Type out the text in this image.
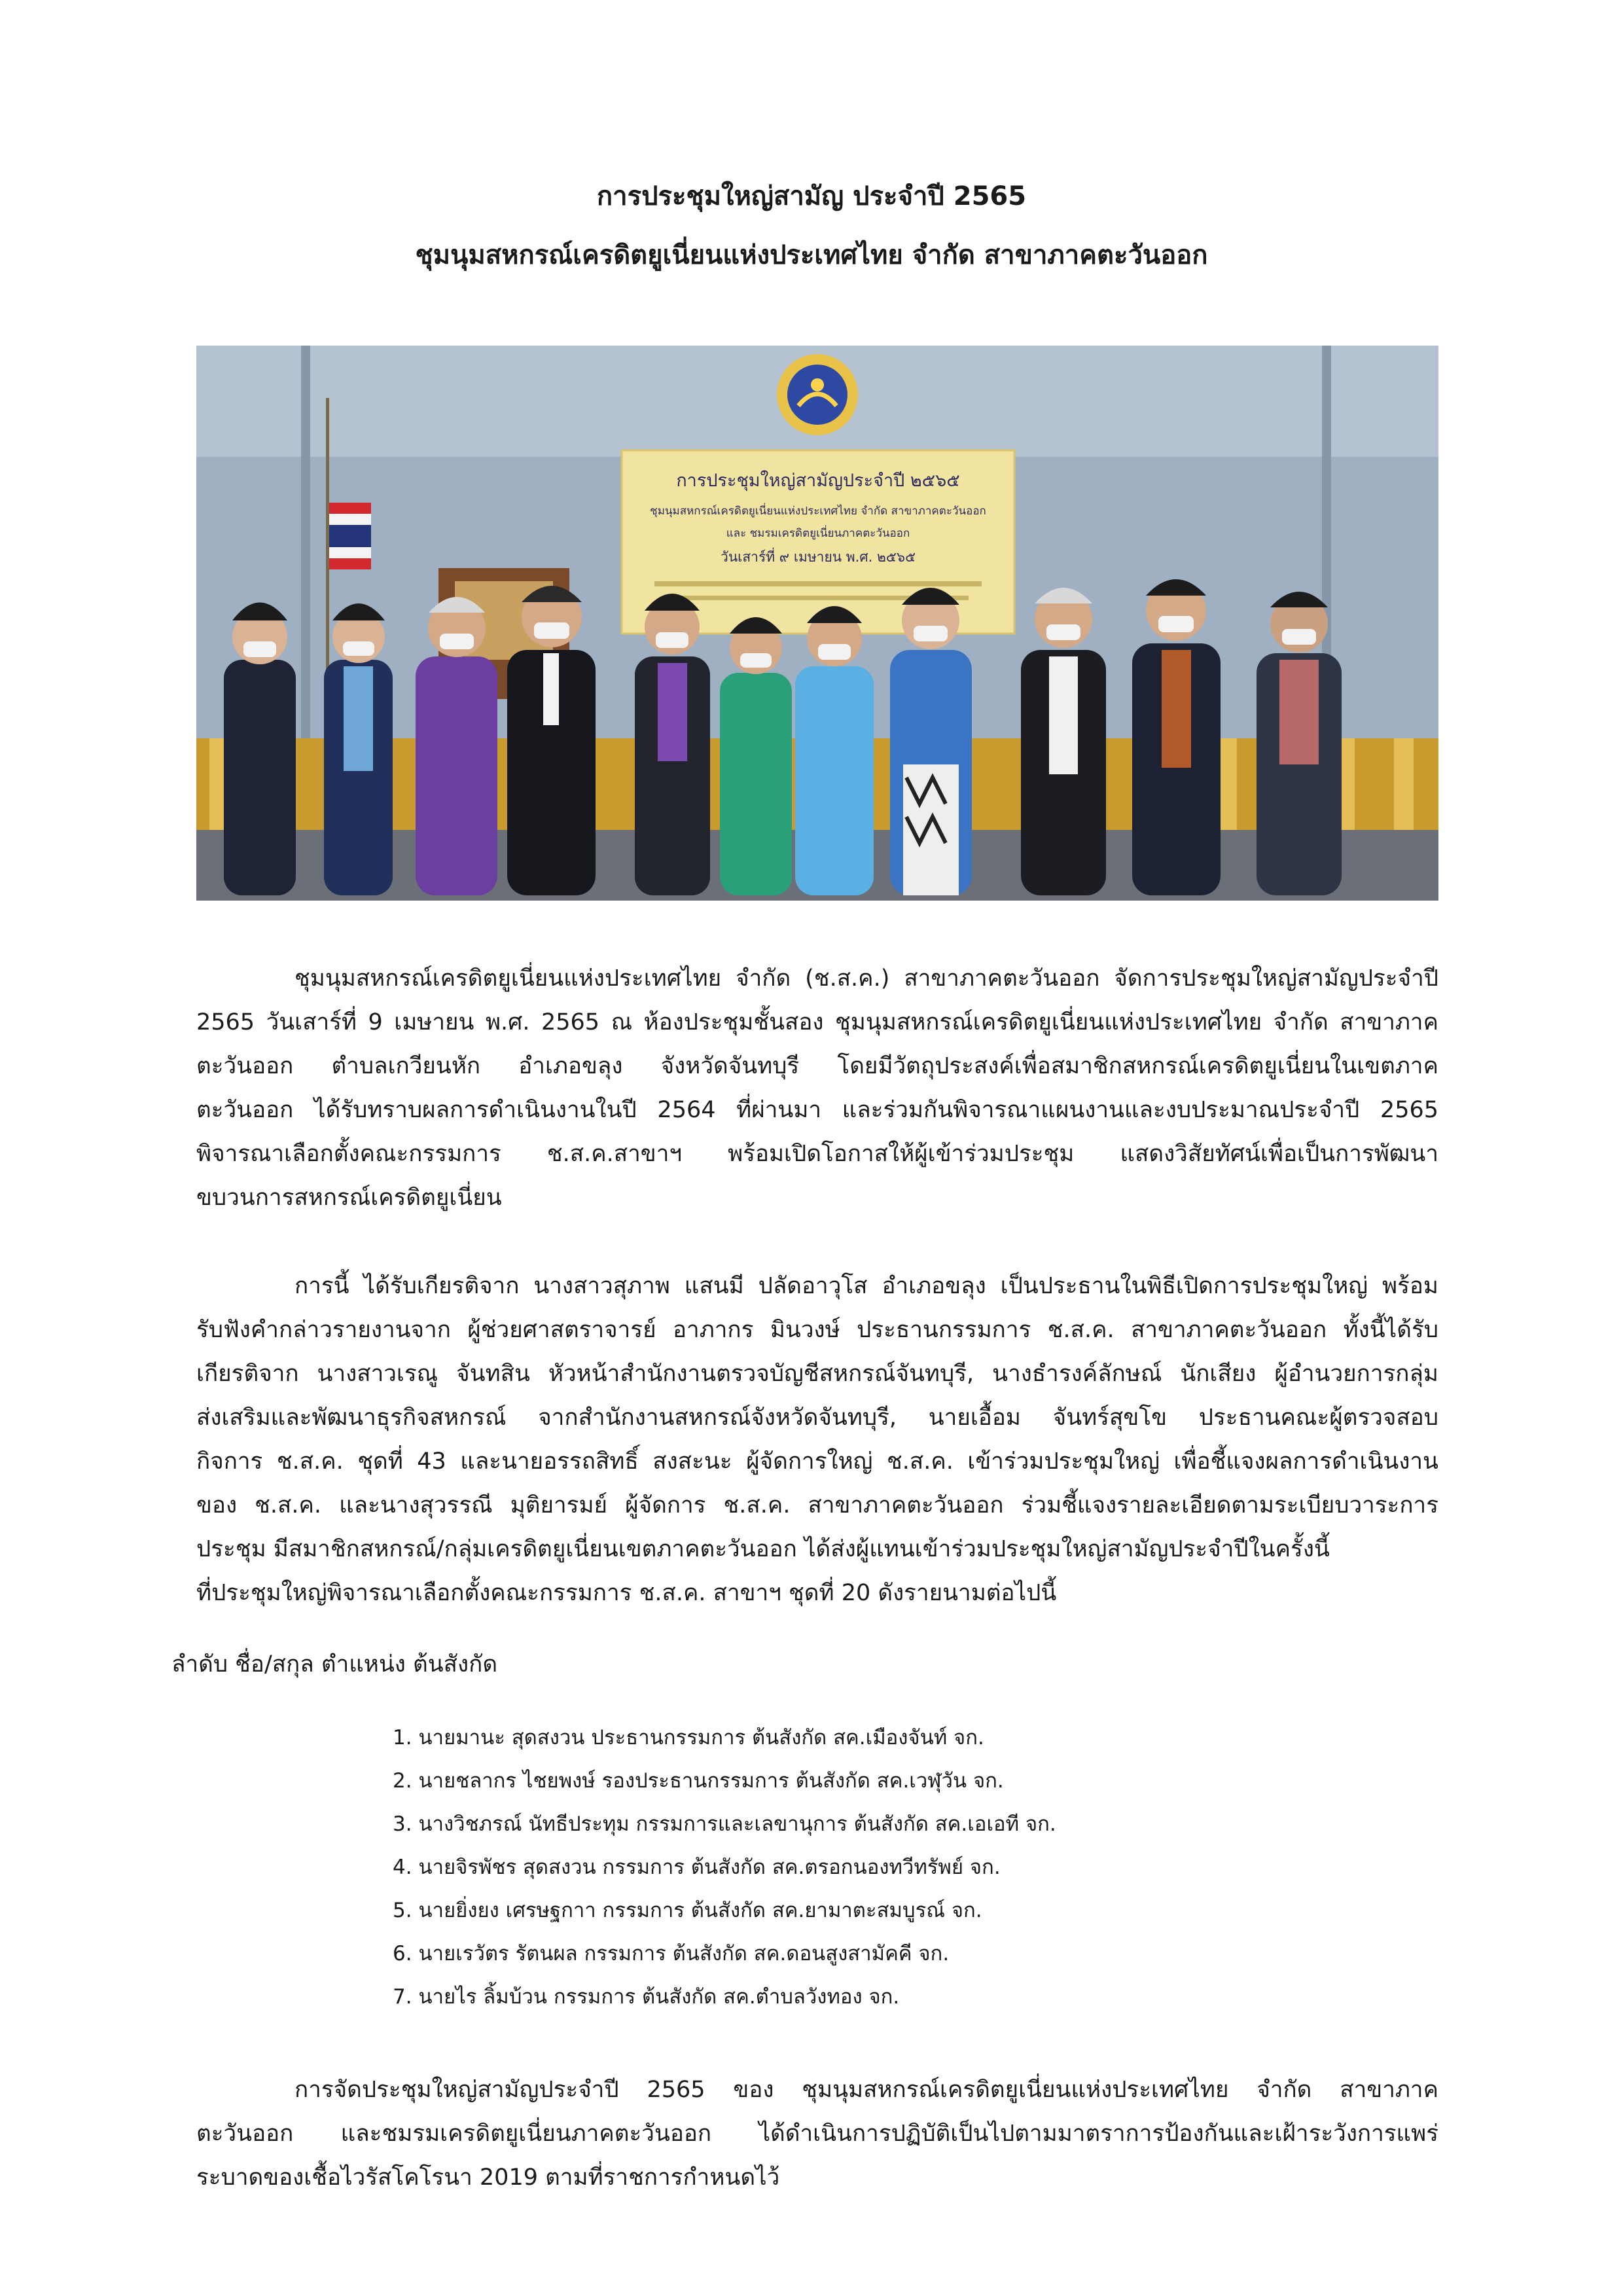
การประชุมใหญ่สามัญ ประจำปี 2565
ชุมนุมสหกรณ์เครดิตยูเนี่ยนแห่งประเทศไทย จำกัด สาขาภาคตะวันออก
การประชุมใหญ่สามัญประจำปี ๒๕๖๕
ชุมนุมสหกรณ์เครดิตยูเนี่ยนแห่งประเทศไทย จำกัด สาขาภาคตะวันออก
และ ชมรมเครดิตยูเนี่ยนภาคตะวันออก
วันเสาร์ที่ ๙ เมษายน พ.ศ. ๒๕๖๕
ชุมนุมสหกรณ์เครดิตยูเนี่ยนแห่งประเทศไทย จำกัด (ช.ส.ค.) สาขาภาคตะวันออก จัดการประชุมใหญ่สามัญประจำปี
2565 วันเสาร์ที่ 9 เมษายน พ.ศ. 2565 ณ ห้องประชุมชั้นสอง ชุมนุมสหกรณ์เครดิตยูเนี่ยนแห่งประเทศไทย จำกัด สาขาภาค
ตะวันออก ตำบลเกวียนหัก อำเภอขลุง จังหวัดจันทบุรี โดยมีวัตถุประสงค์เพื่อสมาชิกสหกรณ์เครดิตยูเนี่ยนในเขตภาค
ตะวันออก ได้รับทราบผลการดำเนินงานในปี 2564 ที่ผ่านมา และร่วมกันพิจารณาแผนงานและงบประมาณประจำปี 2565
พิจารณาเลือกตั้งคณะกรรมการ ช.ส.ค.สาขาฯ พร้อมเปิดโอกาสให้ผู้เข้าร่วมประชุม แสดงวิสัยทัศน์เพื่อเป็นการพัฒนา
ขบวนการสหกรณ์เครดิตยูเนี่ยน
การนี้ ได้รับเกียรติจาก นางสาวสุภาพ แสนมี ปลัดอาวุโส อำเภอขลุง เป็นประธานในพิธีเปิดการประชุมใหญ่ พร้อม
รับฟังคำกล่าวรายงานจาก ผู้ช่วยศาสตราจารย์ อาภากร มินวงษ์ ประธานกรรมการ ช.ส.ค. สาขาภาคตะวันออก ทั้งนี้ได้รับ
เกียรติจาก นางสาวเรณู จันทสิน หัวหน้าสำนักงานตรวจบัญชีสหกรณ์จันทบุรี, นางธำรงค์ลักษณ์ นักเสียง ผู้อำนวยการกลุ่ม
ส่งเสริมและพัฒนาธุรกิจสหกรณ์ จากสำนักงานสหกรณ์จังหวัดจันทบุรี, นายเอื้อม จันทร์สุขโข ประธานคณะผู้ตรวจสอบ
กิจการ ช.ส.ค. ชุดที่ 43 และนายอรรถสิทธิ์ สงสะนะ ผู้จัดการใหญ่ ช.ส.ค. เข้าร่วมประชุมใหญ่ เพื่อชี้แจงผลการดำเนินงาน
ของ ช.ส.ค. และนางสุวรรณี มุติยารมย์ ผู้จัดการ ช.ส.ค. สาขาภาคตะวันออก ร่วมชี้แจงรายละเอียดตามระเบียบวาระการ
ประชุม มีสมาชิกสหกรณ์/กลุ่มเครดิตยูเนี่ยนเขตภาคตะวันออก ได้ส่งผู้แทนเข้าร่วมประชุมใหญ่สามัญประจำปีในครั้งนี้
ที่ประชุมใหญ่พิจารณาเลือกตั้งคณะกรรมการ ช.ส.ค. สาขาฯ ชุดที่ 20 ดังรายนามต่อไปนี้
ลำดับ ชื่อ/สกุล ตำแหน่ง ต้นสังกัด
1. นายมานะ สุดสงวน ประธานกรรมการ ต้นสังกัด สค.เมืองจันท์ จก.
2. นายชลากร ไชยพงษ์ รองประธานกรรมการ ต้นสังกัด สค.เวฬุวัน จก.
3. นางวิชภรณ์ นัทธีประทุม กรรมการและเลขานุการ ต้นสังกัด สค.เอเอที จก.
4. นายจิรพัชร สุดสงวน กรรมการ ต้นสังกัด สค.ตรอกนองทวีทรัพย์ จก.
5. นายยิ่งยง เศรษฐกาา กรรมการ ต้นสังกัด สค.ยามาตะสมบูรณ์ จก.
6. นายเรวัตร รัตนผล กรรมการ ต้นสังกัด สค.ดอนสูงสามัคคี จก.
7. นายไร ลิ้มบ้วน กรรมการ ต้นสังกัด สค.ตำบลวังทอง จก.
การจัดประชุมใหญ่สามัญประจำปี 2565 ของ ชุมนุมสหกรณ์เครดิตยูเนี่ยนแห่งประเทศไทย จำกัด สาขาภาค
ตะวันออก และชมรมเครดิตยูเนี่ยนภาคตะวันออก ได้ดำเนินการปฏิบัติเป็นไปตามมาตราการป้องกันและเฝ้าระวังการแพร่
ระบาดของเชื้อไวรัสโคโรนา 2019 ตามที่ราชการกำหนดไว้
